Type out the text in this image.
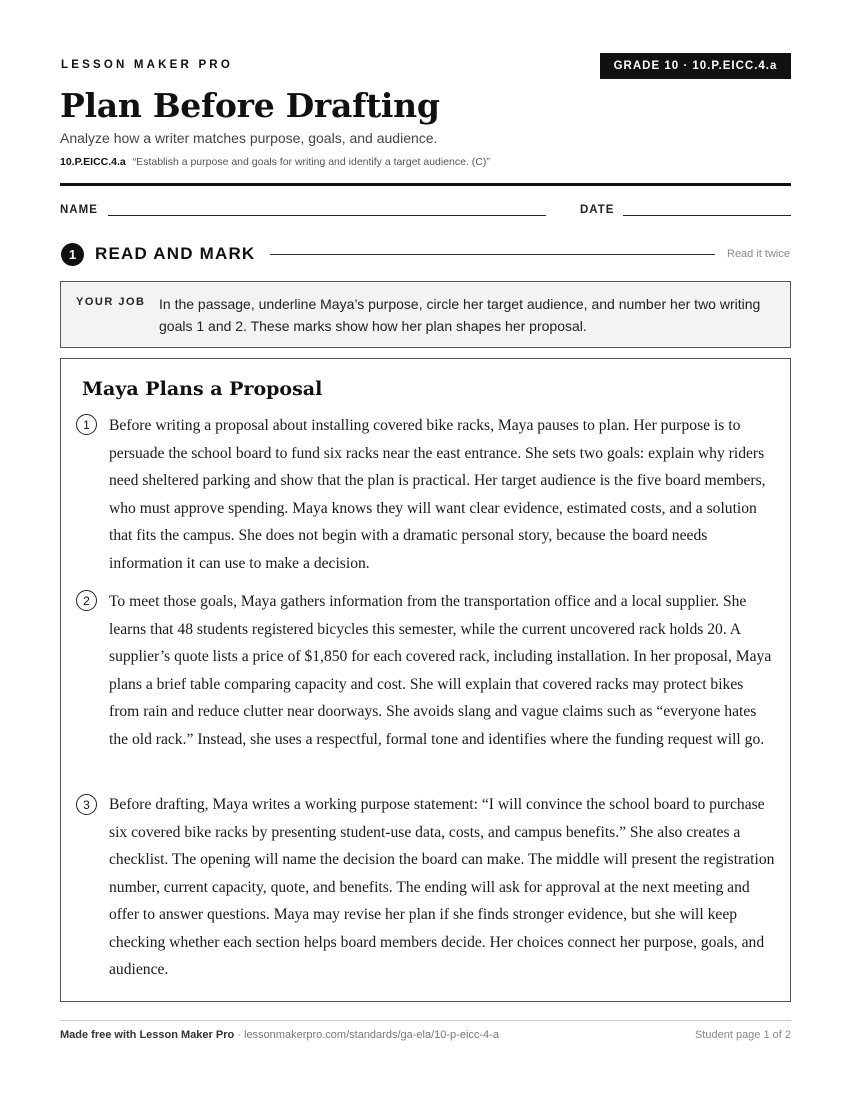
LESSON MAKER PRO	GRADE 10 · 10.P.EICC.4.a
Plan Before Drafting
Analyze how a writer matches purpose, goals, and audience.
10.P.EICC.4.a “Establish a purpose and goals for writing and identify a target audience. (C)”
NAME	DATE
1	READ AND MARK	Read it twice
YOUR JOB In the passage, underline Maya’s purpose, circle her target audience, and number her two writing goals 1 and 2. These marks show how her plan shapes her proposal.
Maya Plans a Proposal
1	Before writing a proposal about installing covered bike racks, Maya pauses to plan. Her purpose is to persuade the school board to fund six racks near the east entrance. She sets two goals: explain why riders need sheltered parking and show that the plan is practical. Her target audience is the five board members, who must approve spending. Maya knows they will want clear evidence, estimated costs, and a solution that fits the campus. She does not begin with a dramatic personal story, because the board needs information it can use to make a decision.

2	To meet those goals, Maya gathers information from the transportation office and a local supplier. She learns that 48 students registered bicycles this semester, while the current uncovered rack holds 20. A supplier’s quote lists a price of $1,850 for each covered rack, including installation. In her proposal, Maya plans a brief table comparing capacity and cost. She will explain that covered racks may protect bikes from rain and reduce clutter near doorways. She avoids slang and vague claims such as “everyone hates the old rack.” Instead, she uses a respectful, formal tone and identifies where the funding request will go.

3	Before drafting, Maya writes a working purpose statement: “I will convince the school board to purchase six covered bike racks by presenting student-use data, costs, and campus benefits.” She also creates a checklist. The opening will name the decision the board can make. The middle will present the registration number, current capacity, quote, and benefits. The ending will ask for approval at the next meeting and offer to answer questions. Maya may revise her plan if she finds stronger evidence, but she will keep checking whether each section helps board members decide. Her choices connect her purpose, goals, and audience.

Made free with Lesson Maker Pro · lessonmakerpro.com/standards/ga-ela/10-p-eicc-4-a	Student page 1 of 2
